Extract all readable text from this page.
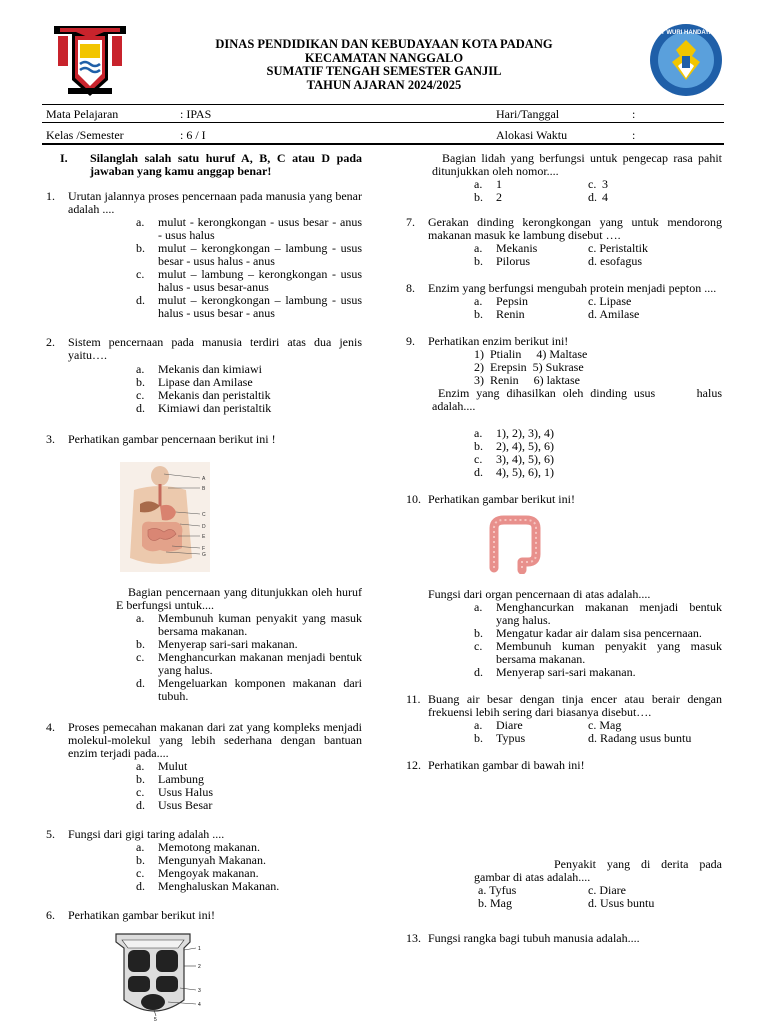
DINAS PENDIDIKAN DAN KEBUDAYAAN KOTA PADANG
KECAMATAN NANGGALO
SUMATIF TENGAH SEMESTER GANJIL
TAHUN AJARAN 2024/2025
TUT WURI HANDAYANI
Mata Pelajaran	: IPAS	Hari/Tanggal	:
Kelas /Semester	: 6 / I	Alokasi Waktu	:
I. Silanglah salah satu huruf A, B, C atau D pada jawaban yang kamu anggap benar!
1. Urutan jalannya proses pencernaan pada manusia yang benar adalah ....
a. mulut - kerongkongan - usus besar - anus - usus halus
b. mulut – kerongkongan – lambung - usus besar - usus halus - anus
c. mulut – lambung – kerongkongan - usus halus - usus besar-anus
d. mulut – kerongkongan – lambung - usus halus - usus besar - anus
2. Sistem pencernaan pada manusia terdiri atas dua jenis yaitu….
a. Mekanis dan kimiawi
b. Lipase dan Amilase
c. Mekanis dan peristaltik
d. Kimiawi dan peristaltik
3. Perhatikan gambar pencernaan berikut ini !
A
B
C
D
E
F
G
Bagian pencernaan yang ditunjukkan oleh huruf E berfungsi untuk....
a. Membunuh kuman penyakit yang masuk bersama makanan.
b. Menyerap sari-sari makanan.
c. Menghancurkan makanan menjadi bentuk yang halus.
d. Mengeluarkan komponen makanan dari tubuh.
4. Proses pemecahan makanan dari zat yang kompleks menjadi molekul-molekul yang lebih sederhana dengan bantuan enzim terjadi pada....
a. Mulut
b. Lambung
c. Usus Halus
d. Usus Besar
5. Fungsi dari gigi taring adalah ....
a. Memotong makanan.
b. Mengunyah Makanan.
c. Mengoyak makanan.
d. Menghaluskan Makanan.
6. Perhatikan gambar berikut ini!
1
2
3
4
5
Bagian lidah yang berfungsi untuk pengecap rasa pahit ditunjukkan oleh nomor....
a. 1	c. 3
b. 2	d. 4
7. Gerakan dinding kerongkongan yang untuk mendorong makanan masuk ke lambung disebut ….
a. Mekanis	c. Peristaltik
b. Pilorus	d. esofagus
8. Enzim yang berfungsi mengubah protein menjadi pepton ....
a. Pepsin	c. Lipase
b. Renin	d. Amilase
9. Perhatikan enzim berikut ini!
1)  Ptialin     4) Maltase
2)  Erepsin  5) Sukrase
3)  Renin     6) laktase
Enzim yang dihasilkan oleh dinding usus      halus adalah....
a. 1), 2), 3), 4)
b. 2), 4), 5), 6)
c. 3), 4), 5), 6)
d. 4), 5), 6), 1)
10. Perhatikan gambar berikut ini!
Fungsi dari organ pencernaan di atas adalah....
a. Menghancurkan makanan menjadi bentuk yang halus.
b. Mengatur kadar air dalam sisa pencernaan.
c. Membunuh kuman penyakit yang masuk bersama makanan.
d. Menyerap sari-sari makanan.
11. Buang air besar dengan tinja encer atau berair dengan frekuensi lebih sering dari biasanya disebut….
a. Diare	c. Mag
b. Typus	d. Radang usus buntu
12. Perhatikan gambar di bawah ini!
Penyakit yang di derita pada gambar di atas adalah....
a. Tyfus	c. Diare
b. Mag	d. Usus buntu
13. Fungsi rangka bagi tubuh manusia adalah....
